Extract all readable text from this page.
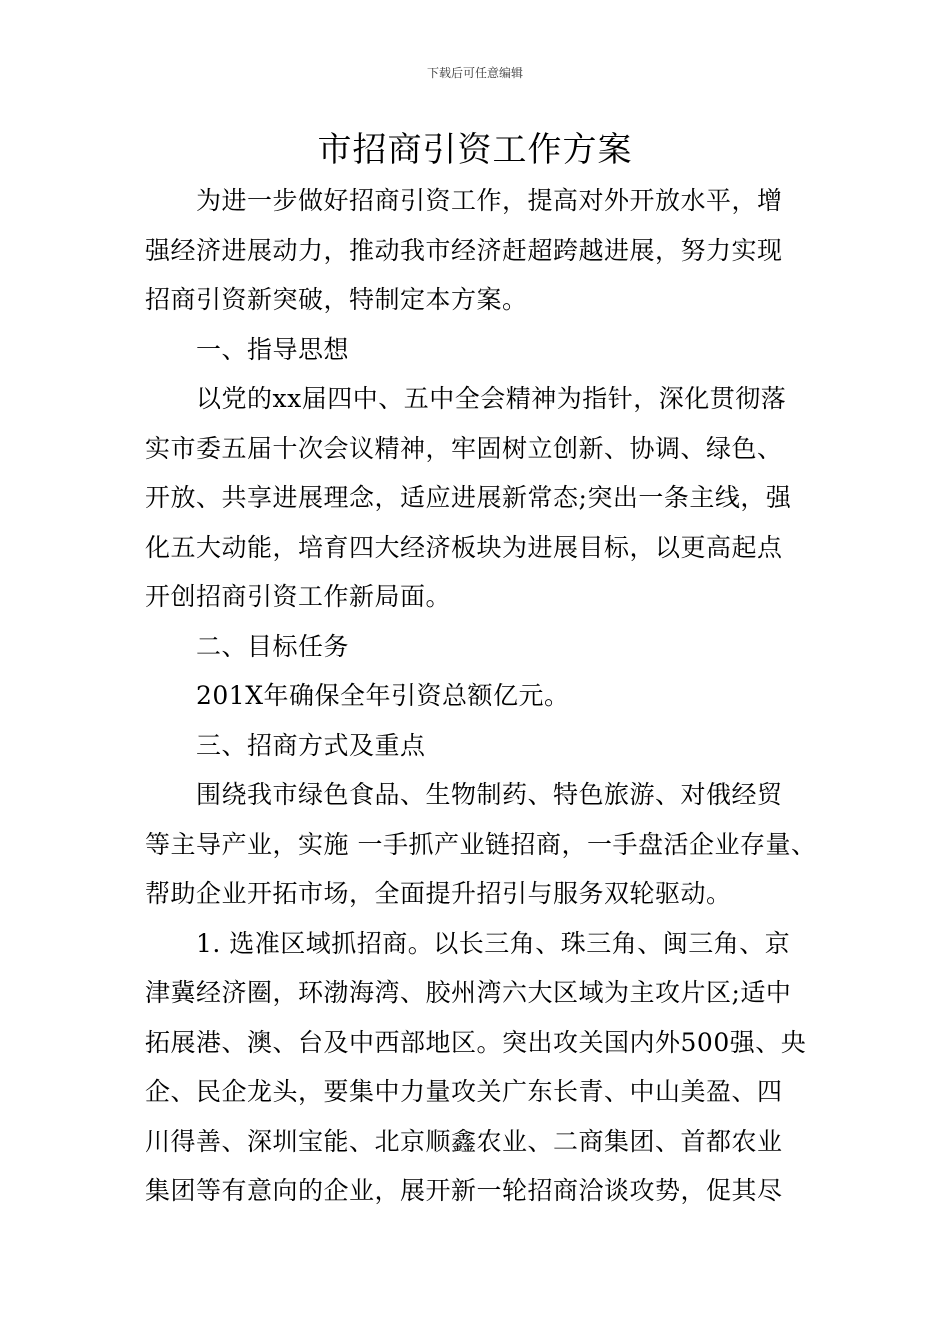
下载后可任意编辑
市招商引资工作方案
为进一步做好招商引资工作，提高对外开放水平，增
强经济进展动力，推动我市经济赶超跨越进展，努力实现
招商引资新突破，特制定本方案。
一、指导思想
以党的xx届四中、五中全会精神为指针，深化贯彻落
实市委五届十次会议精神，牢固树立创新、协调、绿色、
开放、共享进展理念，适应进展新常态;突出一条主线，强
化五大动能，培育四大经济板块为进展目标，以更高起点
开创招商引资工作新局面。
二、目标任务
201X年确保全年引资总额亿元。
三、招商方式及重点
围绕我市绿色食品、生物制药、特色旅游、对俄经贸
等主导产业，实施 一手抓产业链招商，一手盘活企业存量、
帮助企业开拓市场，全面提升招引与服务双轮驱动。
1. 选准区域抓招商。以长三角、珠三角、闽三角、京
津冀经济圈，环渤海湾、胶州湾六大区域为主攻片区;适中
拓展港、澳、台及中西部地区。突出攻关国内外500强、央
企、民企龙头，要集中力量攻关广东长青、中山美盈、四
川得善、深圳宝能、北京顺鑫农业、二商集团、首都农业
集团等有意向的企业，展开新一轮招商洽谈攻势，促其尽
